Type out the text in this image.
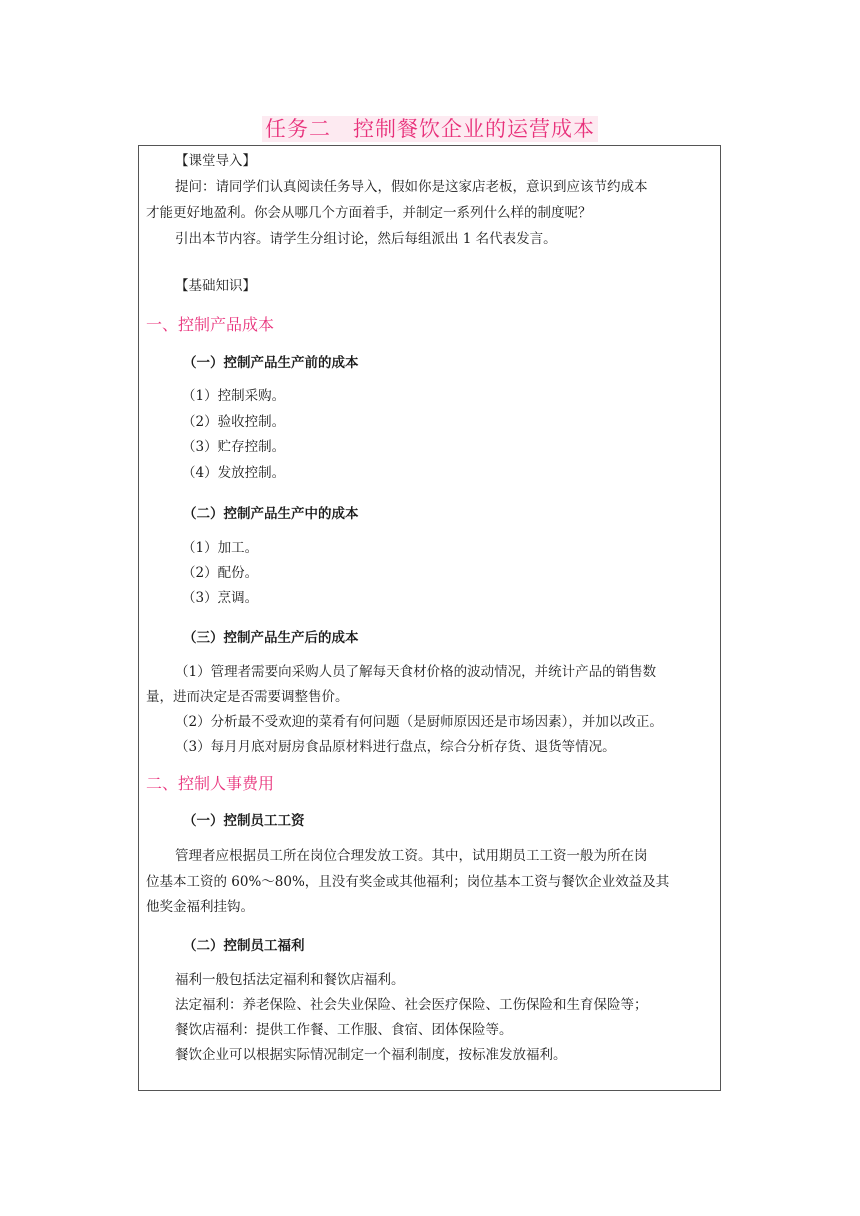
任务二　控制餐饮企业的运营成本
【课堂导入】
提问：请同学们认真阅读任务导入，假如你是这家店老板，意识到应该节约成本
才能更好地盈利。你会从哪几个方面着手，并制定一系列什么样的制度呢？
引出本节内容。请学生分组讨论，然后每组派出 1 名代表发言。
【基础知识】
一、控制产品成本
（一）控制产品生产前的成本
（1）控制采购。
（2）验收控制。
（3）贮存控制。
（4）发放控制。
（二）控制产品生产中的成本
（1）加工。
（2）配份。
（3）烹调。
（三）控制产品生产后的成本
（1）管理者需要向采购人员了解每天食材价格的波动情况，并统计产品的销售数
量，进而决定是否需要调整售价。
（2）分析最不受欢迎的菜肴有何问题（是厨师原因还是市场因素），并加以改正。
（3）每月月底对厨房食品原材料进行盘点，综合分析存货、退货等情况。
二、控制人事费用
（一）控制员工工资
管理者应根据员工所在岗位合理发放工资。其中，试用期员工工资一般为所在岗
位基本工资的 60%～80%，且没有奖金或其他福利；岗位基本工资与餐饮企业效益及其
他奖金福利挂钩。
（二）控制员工福利
福利一般包括法定福利和餐饮店福利。
法定福利：养老保险、社会失业保险、社会医疗保险、工伤保险和生育保险等；
餐饮店福利：提供工作餐、工作服、食宿、团体保险等。
餐饮企业可以根据实际情况制定一个福利制度，按标准发放福利。
